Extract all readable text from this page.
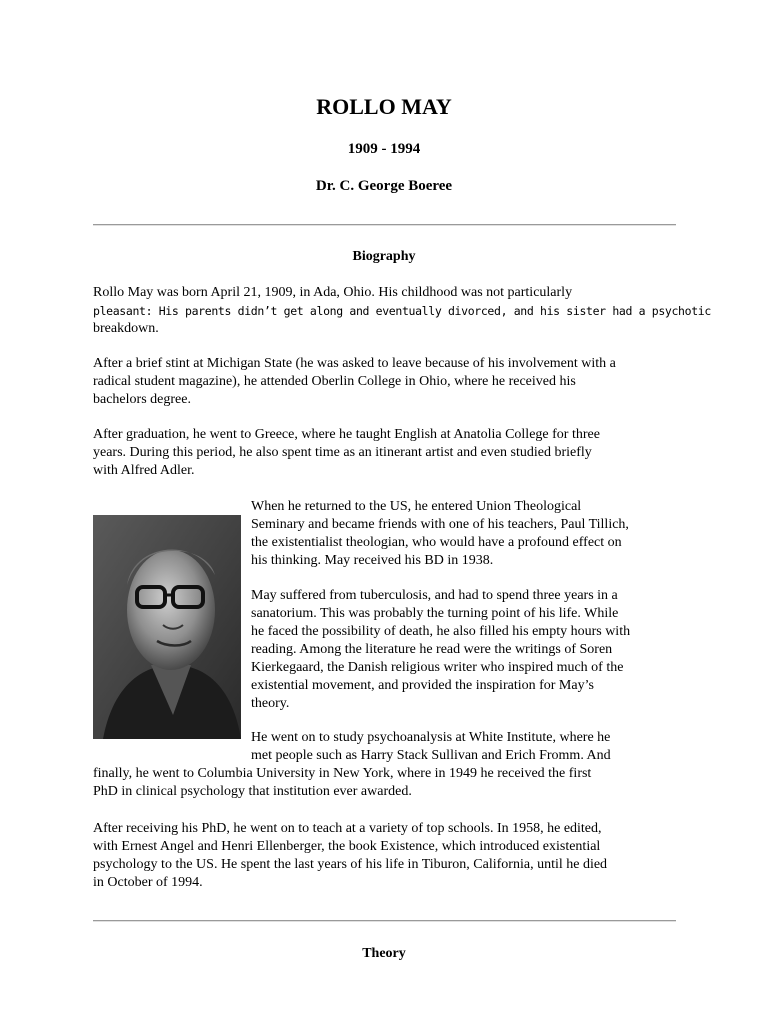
ROLLO MAY
1909 - 1994
Dr. C. George Boeree
Biography

Rollo May was born April 21, 1909, in Ada, Ohio. His childhood was not particularly
pleasant: His parents didn’t get along and eventually divorced, and his sister had a psychotic
breakdown.

After a brief stint at Michigan State (he was asked to leave because of his involvement with a
radical student magazine), he attended Oberlin College in Ohio, where he received his
bachelors degree.

After graduation, he went to Greece, where he taught English at Anatolia College for three
years. During this period, he also spent time as an itinerant artist and even studied briefly
with Alfred Adler.

When he returned to the US, he entered Union Theological
Seminary and became friends with one of his teachers, Paul Tillich,
the existentialist theologian, who would have a profound effect on
his thinking. May received his BD in 1938.

May suffered from tuberculosis, and had to spend three years in a
sanatorium. This was probably the turning point of his life. While
he faced the possibility of death, he also filled his empty hours with
reading. Among the literature he read were the writings of Soren
Kierkegaard, the Danish religious writer who inspired much of the
existential movement, and provided the inspiration for May’s
theory.

He went on to study psychoanalysis at White Institute, where he
met people such as Harry Stack Sullivan and Erich Fromm. And

finally, he went to Columbia University in New York, where in 1949 he received the first
PhD in clinical psychology that institution ever awarded.

After receiving his PhD, he went on to teach at a variety of top schools. In 1958, he edited,
with Ernest Angel and Henri Ellenberger, the book Existence, which introduced existential
psychology to the US. He spent the last years of his life in Tiburon, California, until he died
in October of 1994.

Theory
